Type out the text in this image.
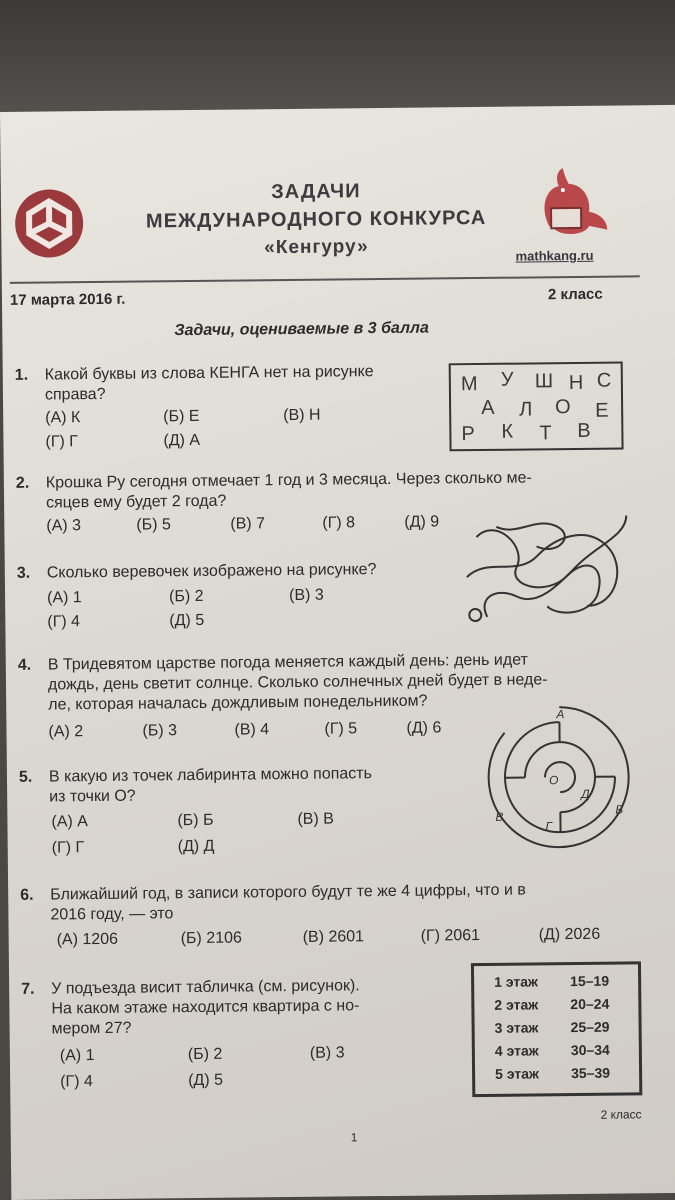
ЗАДАЧИ
МЕЖДУНАРОДНОГО КОНКУРСА
«Кенгуру»	mathkang.ru
17 марта 2016 г.	2 класс
Задачи, оцениваемые в 3 балла
1. Какой буквы из слова КЕНГА нет на рисунке
справа?
(А) К	(Б) Е	(В) Н
(Г) Г	(Д) А
М У Ш Н С
А Л О Е
Р К Т В
2. Крошка Ру сегодня отмечает 1 год и 3 месяца. Через сколько ме-
сяцев ему будет 2 года?
(А) 3	(Б) 5	(В) 7	(Г) 8	(Д) 9
3. Сколько веревочек изображено на рисунке?
(А) 1	(Б) 2	(В) 3
(Г) 4	(Д) 5
4. В Тридевятом царстве погода меняется каждый день: день идет
дождь, день светит солнце. Сколько солнечных дней будет в неде-
ле, которая началась дождливым понедельником?
(А) 2	(Б) 3	(В) 4	(Г) 5	(Д) 6
А
O
Д
Б
В
Г
5. В какую из точек лабиринта можно попасть
из точки O?
(А) А	(Б) Б	(В) В
(Г) Г	(Д) Д
6. Ближайший год, в записи которого будут те же 4 цифры, что и в
2016 году, — это
(А) 1206	(Б) 2106	(В) 2601	(Г) 2061	(Д) 2026
7. У подъезда висит табличка (см. рисунок).
На каком этаже находится квартира с но-
мером 27?
(А) 1	(Б) 2	(В) 3
(Г) 4	(Д) 5
1 этаж 15–19
2 этаж 20–24
3 этаж 25–29
4 этаж 30–34
5 этаж 35–39
2 класс
1
